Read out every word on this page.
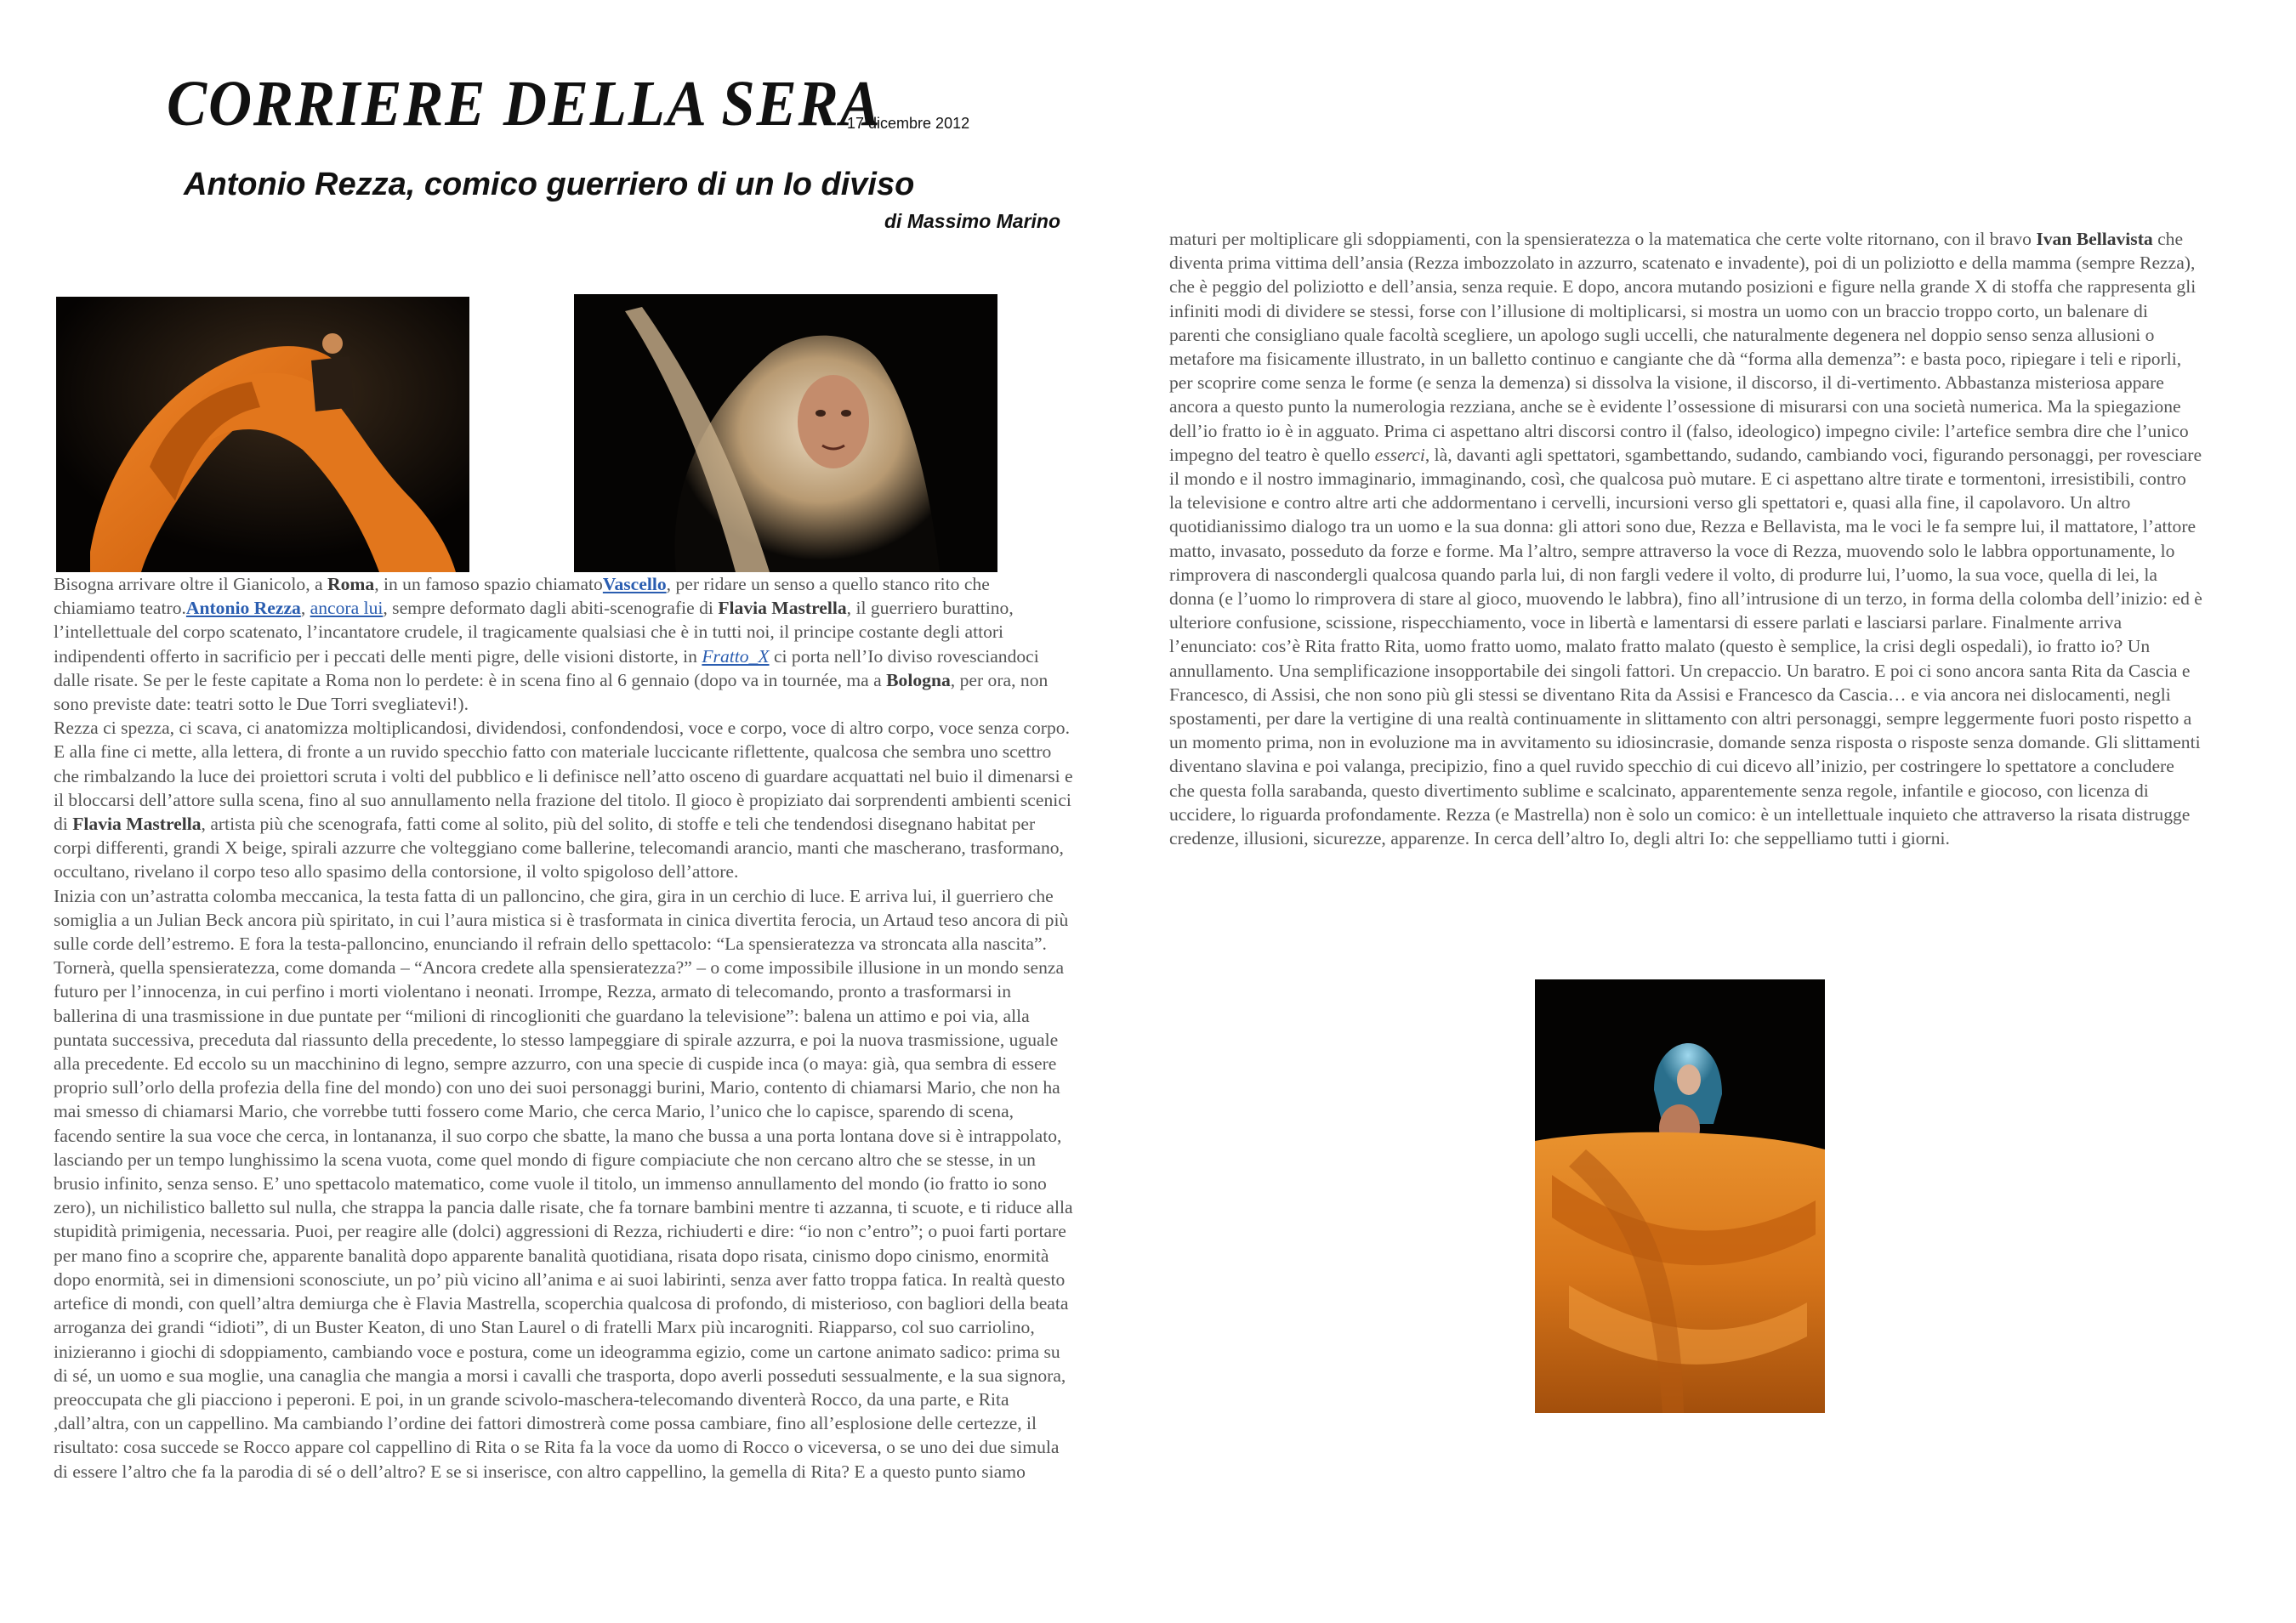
CORRIERE DELLA SERA
17 dicembre 2012
Antonio Rezza, comico guerriero di un Io diviso
di Massimo Marino

Bisogna arrivare oltre il Gianicolo, a Roma, in un famoso spazio chiamatoVascello, per ridare un senso a quello stanco rito che chiamiamo teatro.Antonio Rezza, ancora lui, sempre deformato dagli abiti-scenografie di Flavia Mastrella, il guerriero burattino, l’intellettuale del corpo scatenato, l’incantatore crudele, il tragicamente qualsiasi che è in tutti noi, il principe costante degli attori indipendenti offerto in sacrificio per i peccati delle menti pigre, delle visioni distorte, in Fratto_X ci porta nell’Io diviso rovesciandoci dalle risate. Se per le feste capitate a Roma non lo perdete: è in scena fino al 6 gennaio (dopo va in tournée, ma a Bologna, per ora, non sono previste date: teatri sotto le Due Torri svegliatevi!).

Rezza ci spezza, ci scava, ci anatomizza moltiplicandosi, dividendosi, confondendosi, voce e corpo, voce di altro corpo, voce senza corpo. E alla fine ci mette, alla lettera, di fronte a un ruvido specchio fatto con materiale luccicante riflettente, qualcosa che sembra uno scettro che rimbalzando la luce dei proiettori scruta i volti del pubblico e li definisce nell’atto osceno di guardare acquattati nel buio il dimenarsi e il bloccarsi dell’attore sulla scena, fino al suo annullamento nella frazione del titolo. Il gioco è propiziato dai sorprendenti ambienti scenici di Flavia Mastrella, artista più che scenografa, fatti come al solito, più del solito, di stoffe e teli che tendendosi disegnano habitat per corpi differenti, grandi X beige, spirali azzurre che volteggiano come ballerine, telecomandi arancio, manti che mascherano, trasformano, occultano, rivelano il corpo teso allo spasimo della contorsione, il volto spigoloso dell’attore.

Inizia con un’astratta colomba meccanica, la testa fatta di un palloncino, che gira, gira in un cerchio di luce. E arriva lui, il guerriero che somiglia a un Julian Beck ancora più spiritato, in cui l’aura mistica si è trasformata in cinica divertita ferocia, un Artaud teso ancora di più sulle corde dell’estremo. E fora la testa-palloncino, enunciando il refrain dello spettacolo: “La spensieratezza va stroncata alla nascita”. Tornerà, quella spensieratezza, come domanda – “Ancora credete alla spensieratezza?” – o come impossibile illusione in un mondo senza futuro per l’innocenza, in cui perfino i morti violentano i neonati. Irrompe, Rezza, armato di telecomando, pronto a trasformarsi in ballerina di una trasmissione in due puntate per “milioni di rincoglioniti che guardano la televisione”: balena un attimo e poi via, alla puntata successiva, preceduta dal riassunto della precedente, lo stesso lampeggiare di spirale azzurra, e poi la nuova trasmissione, uguale alla precedente. Ed eccolo su un macchinino di legno, sempre azzurro, con una specie di cuspide inca (o maya: già, qua sembra di essere proprio sull’orlo della profezia della fine del mondo) con uno dei suoi personaggi burini, Mario, contento di chiamarsi Mario, che non ha mai smesso di chiamarsi Mario, che vorrebbe tutti fossero come Mario, che cerca Mario, l’unico che lo capisce, sparendo di scena, facendo sentire la sua voce che cerca, in lontananza, il suo corpo che sbatte, la mano che bussa a una porta lontana dove si è intrappolato, lasciando per un tempo lunghissimo la scena vuota, come quel mondo di figure compiaciute che non cercano altro che se stesse, in un brusio infinito, senza senso. E’ uno spettacolo matematico, come vuole il titolo, un immenso annullamento del mondo (io fratto io sono zero), un nichilistico balletto sul nulla, che strappa la pancia dalle risate, che fa tornare bambini mentre ti azzanna, ti scuote, e ti riduce alla stupidità primigenia, necessaria. Puoi, per reagire alle (dolci) aggressioni di Rezza, richiuderti e dire: “io non c’entro”; o puoi farti portare per mano fino a scoprire che, apparente banalità dopo apparente banalità quotidiana, risata dopo risata, cinismo dopo cinismo, enormità dopo enormità, sei in dimensioni sconosciute, un po’ più vicino all’anima e ai suoi labirinti, senza aver fatto troppa fatica. In realtà questo artefice di mondi, con quell’altra demiurga che è Flavia Mastrella, scoperchia qualcosa di profondo, di misterioso, con bagliori della beata arroganza dei grandi “idioti”, di un Buster Keaton, di uno Stan Laurel o di fratelli Marx più incarogniti. Riapparso, col suo carriolino, inizieranno i giochi di sdoppiamento, cambiando voce e postura, come un ideogramma egizio, come un cartone animato sadico: prima su di sé, un uomo e sua moglie, una canaglia che mangia a morsi i cavalli che trasporta, dopo averli posseduti sessualmente, e la sua signora, preoccupata che gli piacciono i peperoni. E poi, in un grande scivolo-maschera-telecomando diventerà Rocco, da una parte, e Rita ,dall’altra, con un cappellino. Ma cambiando l’ordine dei fattori dimostrerà come possa cambiare, fino all’esplosione delle certezze, il risultato: cosa succede se Rocco appare col cappellino di Rita o se Rita fa la voce da uomo di Rocco o viceversa, o se uno dei due simula di essere l’altro che fa la parodia di sé o dell’altro? E se si inserisce, con altro cappellino, la gemella di Rita? E a questo punto siamo

maturi per moltiplicare gli sdoppiamenti, con la spensieratezza o la matematica che certe volte ritornano, con il bravo Ivan Bellavista che diventa prima vittima dell’ansia (Rezza imbozzolato in azzurro, scatenato e invadente), poi di un poliziotto e della mamma (sempre Rezza), che è peggio del poliziotto e dell’ansia, senza requie. E dopo, ancora mutando posizioni e figure nella grande X di stoffa che rappresenta gli infiniti modi di dividere se stessi, forse con l’illusione di moltiplicarsi, si mostra un uomo con un braccio troppo corto, un balenare di parenti che consigliano quale facoltà scegliere, un apologo sugli uccelli, che naturalmente degenera nel doppio senso senza allusioni o metafore ma fisicamente illustrato, in un balletto continuo e cangiante che dà “forma alla demenza”: e basta poco, ripiegare i teli e riporli, per scoprire come senza le forme (e senza la demenza) si dissolva la visione, il discorso, il di-vertimento. Abbastanza misteriosa appare ancora a questo punto la numerologia rezziana, anche se è evidente l’ossessione di misurarsi con una società numerica. Ma la spiegazione dell’io fratto io è in agguato. Prima ci aspettano altri discorsi contro il (falso, ideologico) impegno civile: l’artefice sembra dire che l’unico impegno del teatro è quello esserci, là, davanti agli spettatori, sgambettando, sudando, cambiando voci, figurando personaggi, per rovesciare il mondo e il nostro immaginario, immaginando, così, che qualcosa può mutare. E ci aspettano altre tirate e tormentoni, irresistibili, contro la televisione e contro altre arti che addormentano i cervelli, incursioni verso gli spettatori e, quasi alla fine, il capolavoro. Un altro quotidianissimo dialogo tra un uomo e la sua donna: gli attori sono due, Rezza e Bellavista, ma le voci le fa sempre lui, il mattatore, l’attore matto, invasato, posseduto da forze e forme. Ma l’altro, sempre attraverso la voce di Rezza, muovendo solo le labbra opportunamente, lo rimprovera di nascondergli qualcosa quando parla lui, di non fargli vedere il volto, di produrre lui, l’uomo, la sua voce, quella di lei, la donna (e l’uomo lo rimprovera di stare al gioco, muovendo le labbra), fino all’intrusione di un terzo, in forma della colomba dell’inizio: ed è ulteriore confusione, scissione, rispecchiamento, voce in libertà e lamentarsi di essere parlati e lasciarsi parlare. Finalmente arriva l’enunciato: cos’è Rita fratto Rita, uomo fratto uomo, malato fratto malato (questo è semplice, la crisi degli ospedali), io fratto io? Un annullamento. Una semplificazione insopportabile dei singoli fattori. Un crepaccio. Un baratro. E poi ci sono ancora santa Rita da Cascia e Francesco, di Assisi, che non sono più gli stessi se diventano Rita da Assisi e Francesco da Cascia… e via ancora nei dislocamenti, negli spostamenti, per dare la vertigine di una realtà continuamente in slittamento con altri personaggi, sempre leggermente fuori posto rispetto a un momento prima, non in evoluzione ma in avvitamento su idiosincrasie, domande senza risposta o risposte senza domande. Gli slittamenti diventano slavina e poi valanga, precipizio, fino a quel ruvido specchio di cui dicevo all’inizio, per costringere lo spettatore a concludere che questa folla sarabanda, questo divertimento sublime e scalcinato, apparentemente senza regole, infantile e giocoso, con licenza di uccidere, lo riguarda profondamente. Rezza (e Mastrella) non è solo un comico: è un intellettuale inquieto che attraverso la risata distrugge credenze, illusioni, sicurezze, apparenze. In cerca dell’altro Io, degli altri Io: che seppelliamo tutti i giorni.
